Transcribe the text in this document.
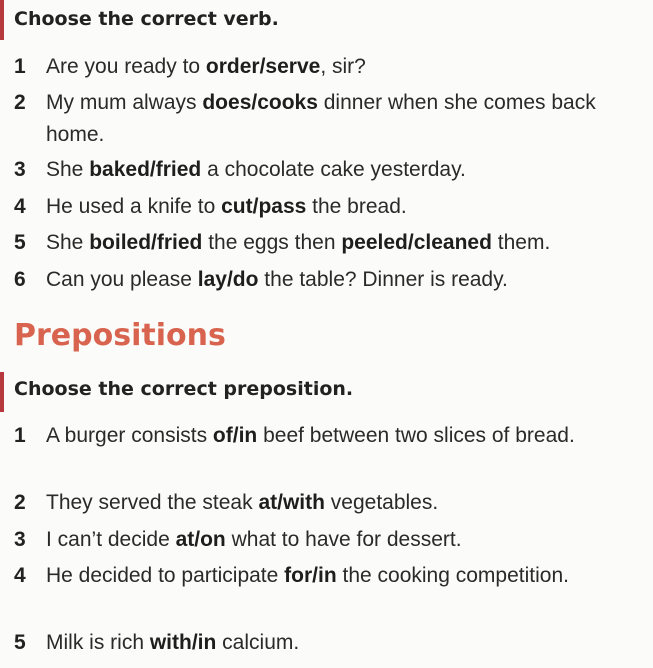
Choose the correct verb.

1 Are you ready to order/serve, sir?
2 My mum always does/cooks dinner when she comes back home.
3 She baked/fried a chocolate cake yesterday.
4 He used a knife to cut/pass the bread.
5 She boiled/fried the eggs then peeled/cleaned them.
6 Can you please lay/do the table? Dinner is ready.
Prepositions

Choose the correct preposition.

1 A burger consists of/in beef between two slices of bread.
2 They served the steak at/with vegetables.
3 I can’t decide at/on what to have for dessert.
4 He decided to participate for/in the cooking competition.
5 Milk is rich with/in calcium.
